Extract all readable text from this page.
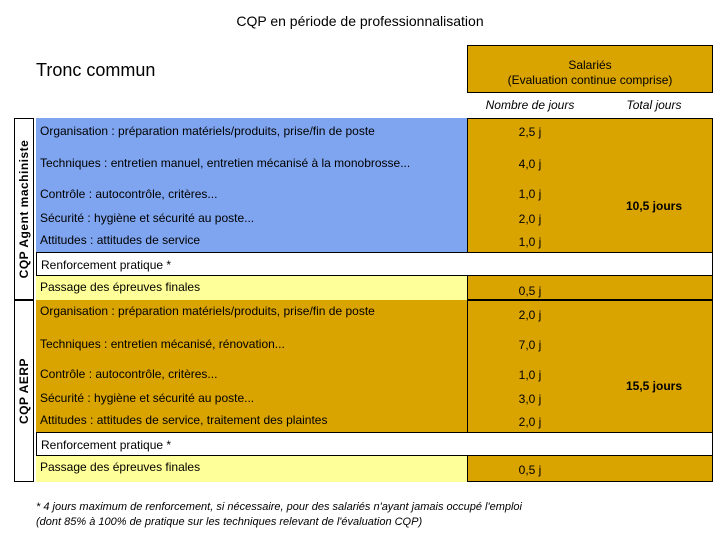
CQP en période de professionnalisation
Tronc commun	Salariés
(Evaluation continue comprise)
Nombre de jours	Total jours
CQP Agent machiniste
Organisation : préparation matériels/produits, prise/fin de poste
Techniques : entretien manuel, entretien mécanisé à la monobrosse...
Contrôle : autocontrôle, critères...
Sécurité : hygiène et sécurité au poste...
Attitudes : attitudes de service
Renforcement pratique *
Passage des épreuves finales
2,5 j
4,0 j
1,0 j
2,0 j
1,0 j
0,5 j
10,5 jours
CQP AERP
Organisation : préparation matériels/produits, prise/fin de poste
Techniques : entretien mécanisé, rénovation...
Contrôle : autocontrôle, critères...
Sécurité : hygiène et sécurité au poste...
Attitudes : attitudes de service, traitement des plaintes
Renforcement pratique *
Passage des épreuves finales
2,0 j
7,0 j
1,0 j
3,0 j
2,0 j
0,5 j
15,5 jours
* 4 jours maximum de renforcement, si nécessaire, pour des salariés n'ayant jamais occupé l'emploi
(dont 85% à 100% de pratique sur les techniques relevant de l'évaluation CQP)
